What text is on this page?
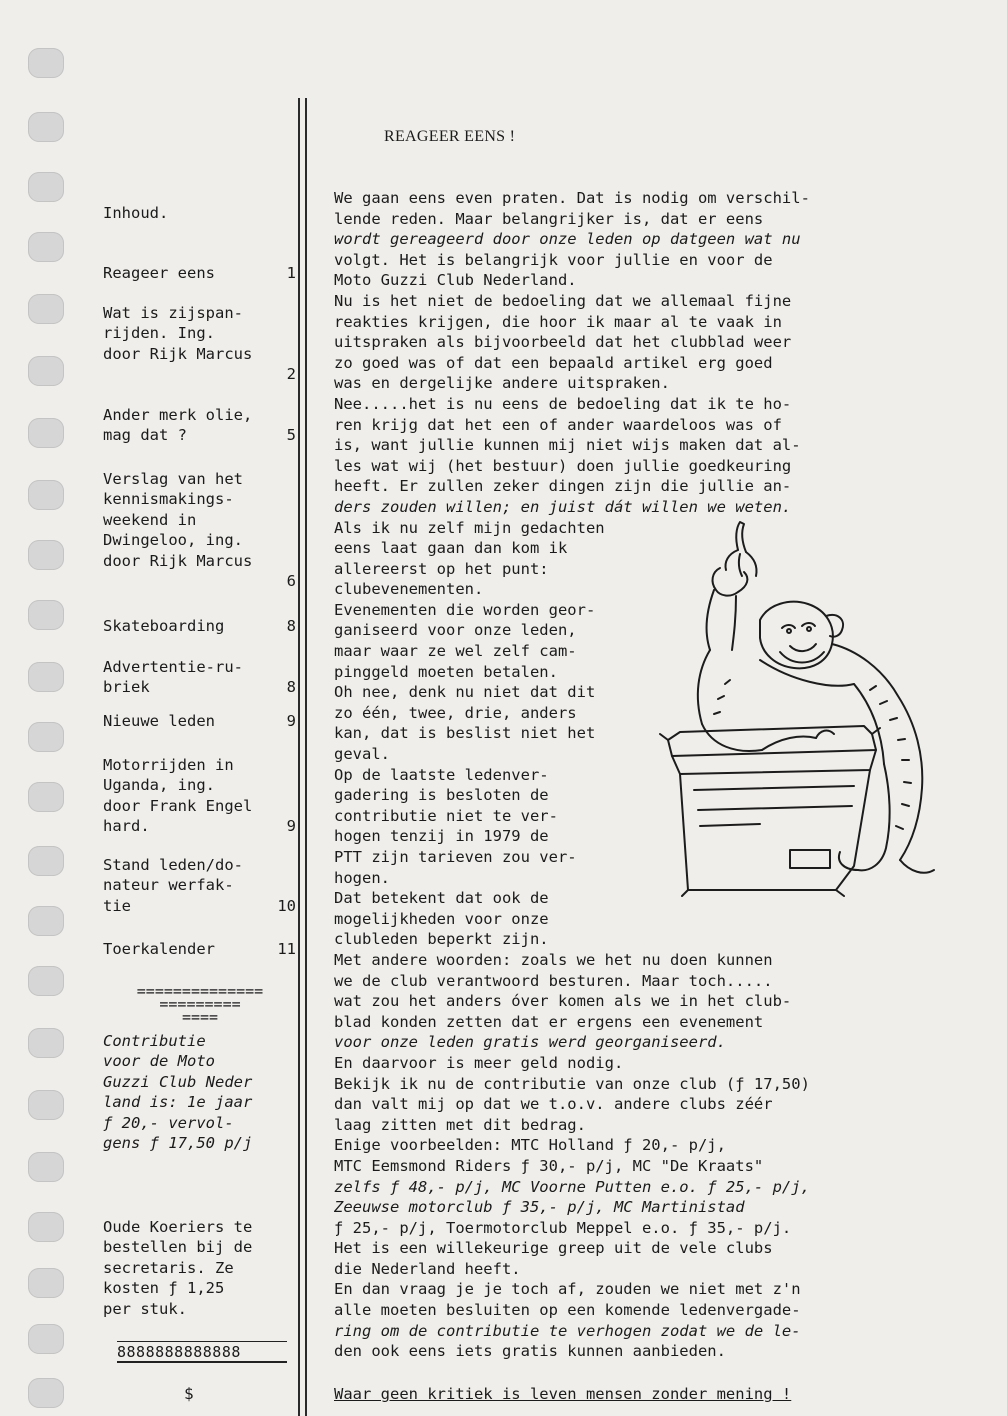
Inhoud.
Reageer eens	1
Wat is zijspan-
rijden. Ing.
door Rijk Marcus
2
Ander merk olie,
mag dat ?	5
Verslag van het
kennismakings-
weekend in
Dwingeloo, ing.
door Rijk Marcus
6
Skateboarding	8
Advertentie-ru-
briek	8
Nieuwe leden	9
Motorrijden in
Uganda, ing.
door Frank Engel
hard.	9
Stand leden/do-
nateur werfak-
tie	10
Toerkalender	11
==============
=========
====
Contributie
voor de Moto
Guzzi Club Neder
land is: 1e jaar
ƒ 20,- vervol-
gens ƒ 17,50 p/j
Oude Koeriers te
bestellen bij de
secretaris. Ze
kosten ƒ 1,25
per stuk.
8888888888888
$
REAGEER EENS !
We gaan eens even praten. Dat is nodig om verschil-
lende reden. Maar belangrijker is, dat er eens
wordt gereageerd door onze leden op datgeen wat nu
volgt. Het is belangrijk voor jullie en voor de
Moto Guzzi Club Nederland.
Nu is het niet de bedoeling dat we allemaal fijne
reakties krijgen, die hoor ik maar al te vaak in
uitspraken als bijvoorbeeld dat het clubblad weer
zo goed was of dat een bepaald artikel erg goed
was en dergelijke andere uitspraken.
Nee.....het is nu eens de bedoeling dat ik te ho-
ren krijg dat het een of ander waardeloos was of
is, want jullie kunnen mij niet wijs maken dat al-
les wat wij (het bestuur) doen jullie goedkeuring
heeft. Er zullen zeker dingen zijn die jullie an-
ders zouden willen; en juist dát willen we weten.
Als ik nu zelf mijn gedachten
eens laat gaan dan kom ik
allereerst op het punt:
clubevenementen.
Evenementen die worden geor-
ganiseerd voor onze leden,
maar waar ze wel zelf cam-
pinggeld moeten betalen.
Oh nee, denk nu niet dat dit
zo één, twee, drie, anders
kan, dat is beslist niet het
geval.
Op de laatste ledenver-
gadering is besloten de
contributie niet te ver-
hogen tenzij in 1979 de
PTT zijn tarieven zou ver-
hogen.
Dat betekent dat ook de
mogelijkheden voor onze
clubleden beperkt zijn.
Met andere woorden: zoals we het nu doen kunnen
we de club verantwoord besturen. Maar toch.....
wat zou het anders óver komen als we in het club-
blad konden zetten dat er ergens een evenement
voor onze leden gratis werd georganiseerd.
En daarvoor is meer geld nodig.
Bekijk ik nu de contributie van onze club (ƒ 17,50)
dan valt mij op dat we t.o.v. andere clubs zéér
laag zitten met dit bedrag.
Enige voorbeelden: MTC Holland ƒ 20,- p/j,
MTC Eemsmond Riders ƒ 30,- p/j, MC "De Kraats"
zelfs ƒ 48,- p/j, MC Voorne Putten e.o. ƒ 25,- p/j,
Zeeuwse motorclub ƒ 35,- p/j, MC Martinistad
ƒ 25,- p/j, Toermotorclub Meppel e.o. ƒ 35,- p/j.
Het is een willekeurige greep uit de vele clubs
die Nederland heeft.
En dan vraag je je toch af, zouden we niet met z'n
alle moeten besluiten op een komende ledenvergade-
ring om de contributie te verhogen zodat we de le-
den ook eens iets gratis kunnen aanbieden.
Waar geen kritiek is leven mensen zonder mening !
